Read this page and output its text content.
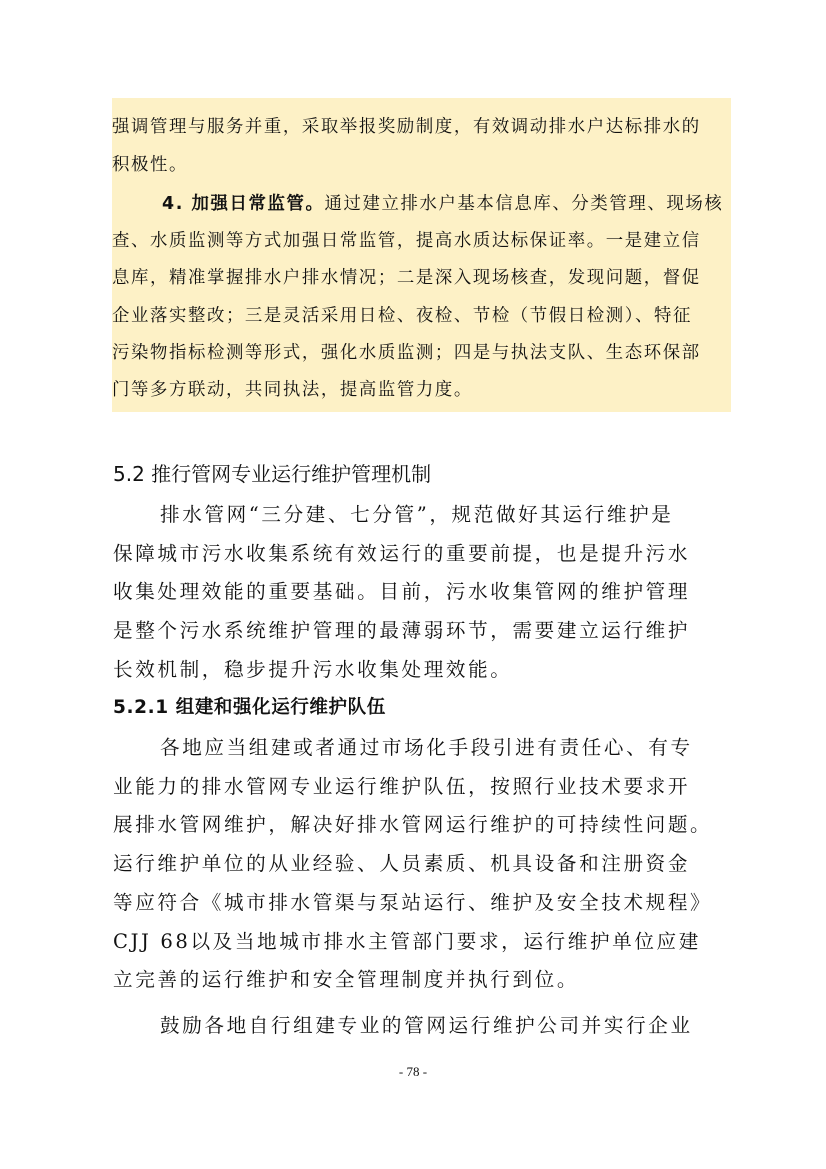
强调管理与服务并重，采取举报奖励制度，有效调动排水户达标排水的
积极性。
4. 加强日常监管。通过建立排水户基本信息库、分类管理、现场核
查、水质监测等方式加强日常监管，提高水质达标保证率。一是建立信
息库，精准掌握排水户排水情况；二是深入现场核查，发现问题，督促
企业落实整改；三是灵活采用日检、夜检、节检（节假日检测）、特征
污染物指标检测等形式，强化水质监测；四是与执法支队、生态环保部
门等多方联动，共同执法，提高监管力度。
5.2 推行管网专业运行维护管理机制
排水管网“三分建、七分管”，规范做好其运行维护是
保障城市污水收集系统有效运行的重要前提，也是提升污水
收集处理效能的重要基础。目前，污水收集管网的维护管理
是整个污水系统维护管理的最薄弱环节，需要建立运行维护
长效机制，稳步提升污水收集处理效能。
5.2.1 组建和强化运行维护队伍
各地应当组建或者通过市场化手段引进有责任心、有专
业能力的排水管网专业运行维护队伍，按照行业技术要求开
展排水管网维护，解决好排水管网运行维护的可持续性问题。
运行维护单位的从业经验、人员素质、机具设备和注册资金
等应符合《城市排水管渠与泵站运行、维护及安全技术规程》
CJJ 68以及当地城市排水主管部门要求，运行维护单位应建
立完善的运行维护和安全管理制度并执行到位。
鼓励各地自行组建专业的管网运行维护公司并实行企业
- 78 -
